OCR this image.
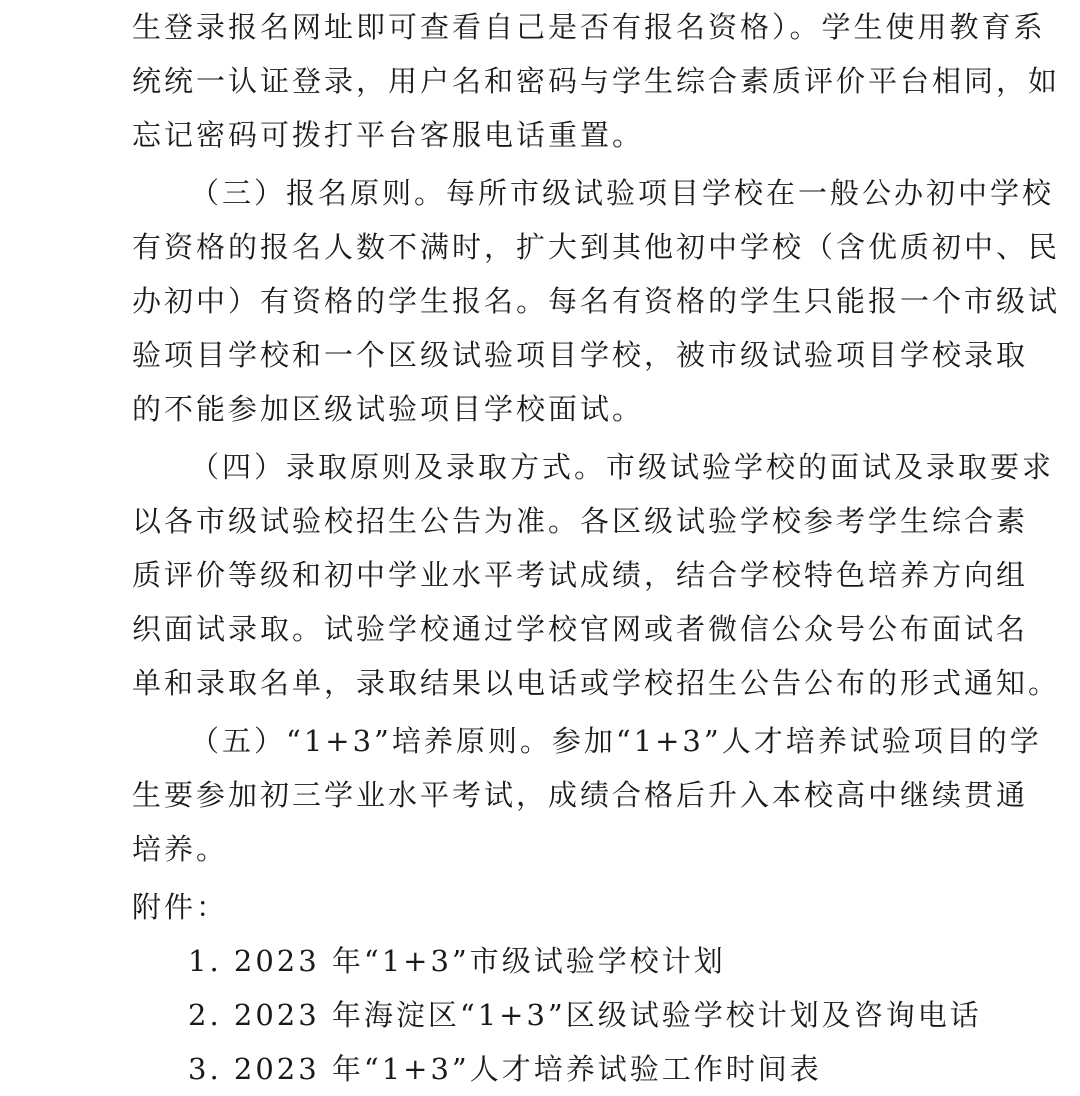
生登录报名网址即可查看自己是否有报名资格）。学生使用教育系
统统一认证登录，用户名和密码与学生综合素质评价平台相同，如
忘记密码可拨打平台客服电话重置。

（三）报名原则。每所市级试验项目学校在一般公办初中学校
有资格的报名人数不满时，扩大到其他初中学校（含优质初中、民
办初中）有资格的学生报名。每名有资格的学生只能报一个市级试
验项目学校和一个区级试验项目学校，被市级试验项目学校录取
的不能参加区级试验项目学校面试。

（四）录取原则及录取方式。市级试验学校的面试及录取要求
以各市级试验校招生公告为准。各区级试验学校参考学生综合素
质评价等级和初中学业水平考试成绩，结合学校特色培养方向组
织面试录取。试验学校通过学校官网或者微信公众号公布面试名
单和录取名单，录取结果以电话或学校招生公告公布的形式通知。

（五）“1+3”培养原则。参加“1+3”人才培养试验项目的学
生要参加初三学业水平考试，成绩合格后升入本校高中继续贯通
培养。

附件：
1. 2023 年“1+3”市级试验学校计划
2. 2023 年海淀区“1+3”区级试验学校计划及咨询电话
3. 2023 年“1+3”人才培养试验工作时间表
